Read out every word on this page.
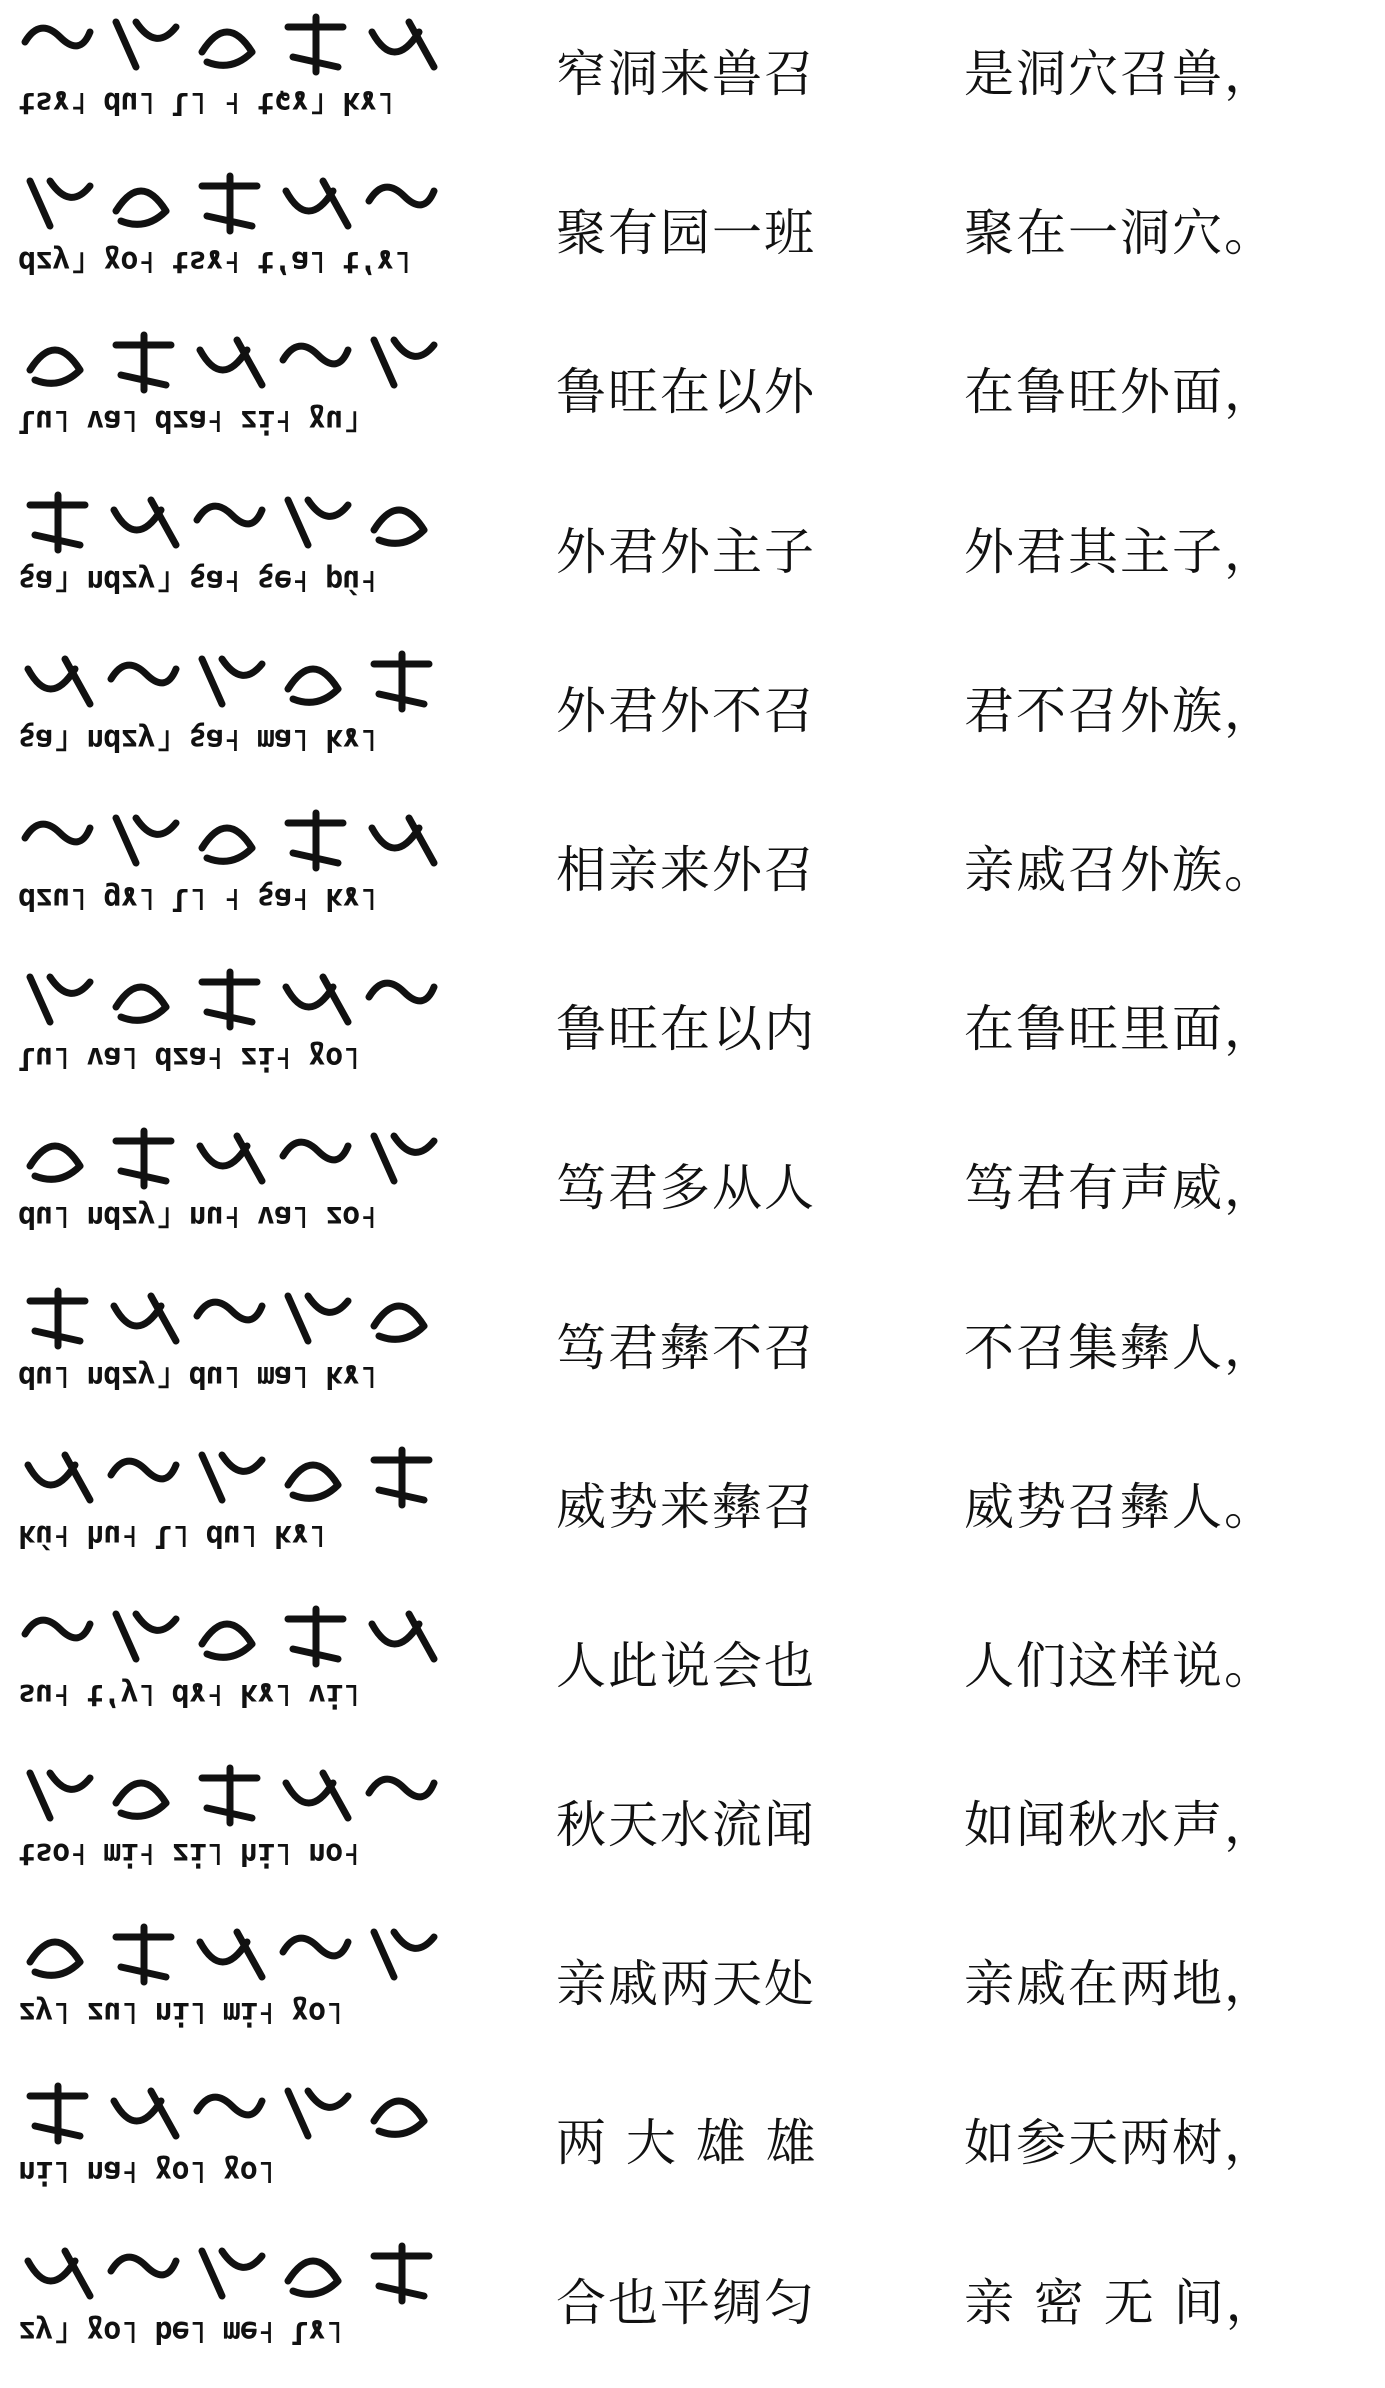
tsɤ˦ du˩ l˩ ˧ tɕɤ˥ kɤ˩	窄洞来兽召	是洞穴召兽，
dzy˥ ɣo˧ tsɤ˧ tʻa˩ tʻɤ˩	聚有园一班	聚在一洞穴。
lu˩ va˩ dza˧ zi˧ ɣu˥	鲁旺在以外	在鲁旺外面，
ȿa˥ ndzy˥ ȿa˧ ȿe˧ pú˧	外君外主子	外君其主子，
ȿa˥ ndzy˥ ȿa˧ ma˩ kɤ˩	外君外不召	君不召外族，
dzu˩ gɤ˩ l˩ ˧ ȿa˧ kɤ˩	相亲来外召	亲戚召外族。
lu˩ va˩ dza˧ zi˧ ɣo˩	鲁旺在以内	在鲁旺里面，
du˩ ndzy˥ nu˧ va˩ zo˧	笃君多从人	笃君有声威，
du˩ ndzy˥ du˩ ma˩ kɤ˩	笃君彝不召	不召集彝人，
kú˧ hu˧ l˩ du˩ kɤ˩	威势来彝召	威势召彝人。
su˧ tʻy˩ dɤ˧ kɤ˩ vi˩	人此说会也	人们这样说。
tso˧ mi˧ zi˩ hi˩ no˧	秋天水流闻	如闻秋水声，
zy˩ zu˩ ni˩ mi˧ ɣo˩	亲戚两天处	亲戚在两地，
ni˩ na˧ ɣo˩ ɣo˩	两 大 雄 雄	如参天两树，
zy˥ ɣo˩ be˩ me˧ lɤ˩	合也平绸匀	亲 密 无 间，
